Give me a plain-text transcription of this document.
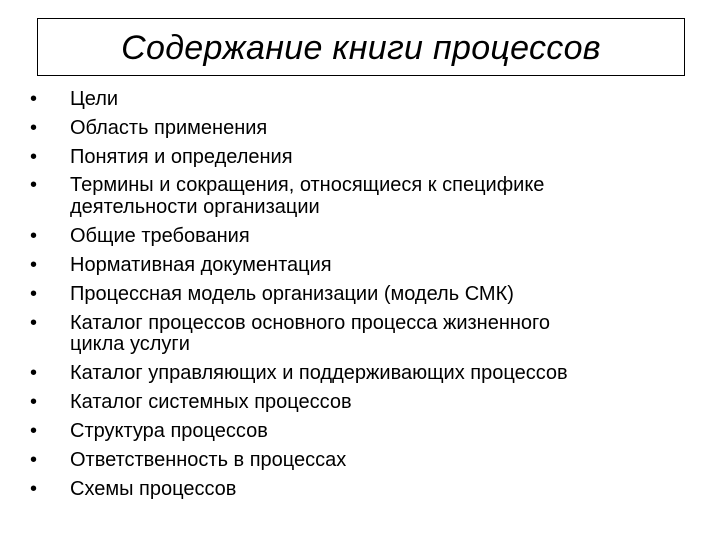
Содержание книги процессов
•	Цели
•	Область применения
•	Понятия и определения
•	Термины и сокращения, относящиеся к специфике
деятельности организации
•	Общие требования
•	Нормативная документация
•	Процессная модель организации (модель СМК)
•	Каталог процессов основного процесса жизненного
цикла услуги
•	Каталог управляющих и поддерживающих процессов
•	Каталог системных процессов
•	Структура процессов
•	Ответственность в процессах
•	Схемы процессов
